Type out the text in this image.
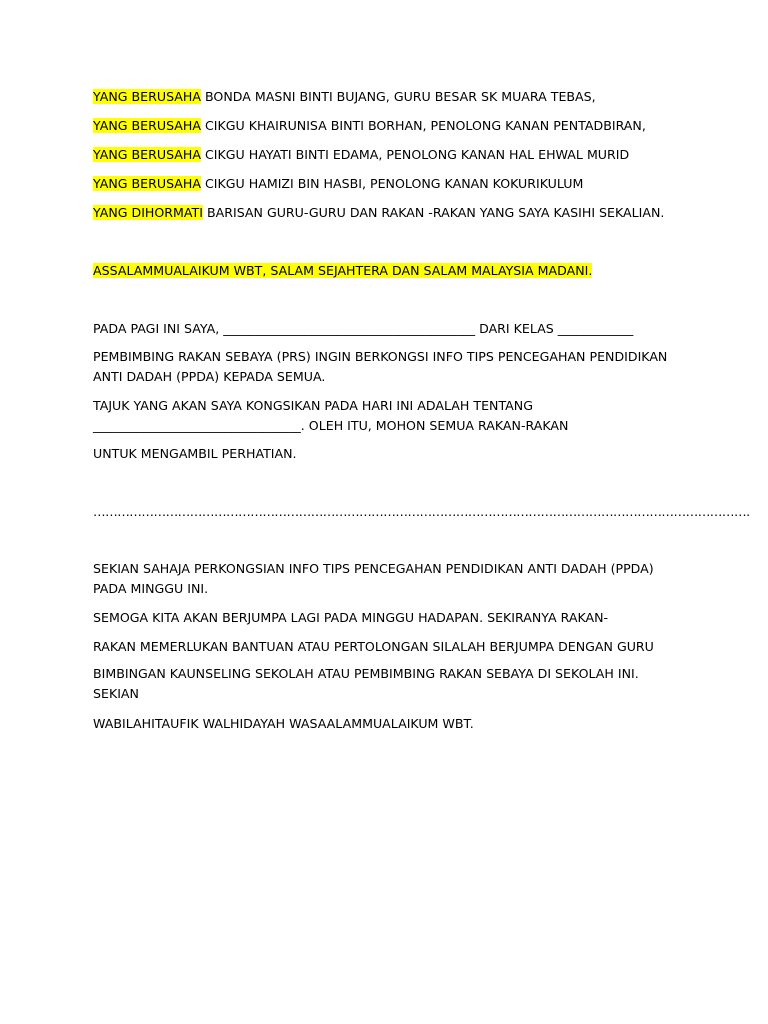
YANG BERUSAHA BONDA MASNI BINTI BUJANG, GURU BESAR SK MUARA TEBAS,
YANG BERUSAHA CIKGU KHAIRUNISA BINTI BORHAN, PENOLONG KANAN PENTADBIRAN,
YANG BERUSAHA CIKGU HAYATI BINTI EDAMA, PENOLONG KANAN HAL EHWAL MURID
YANG BERUSAHA CIKGU HAMIZI BIN HASBI, PENOLONG KANAN KOKURIKULUM
YANG DIHORMATI BARISAN GURU-GURU DAN RAKAN -RAKAN YANG SAYA KASIHI SEKALIAN.
ASSALAMMUALAIKUM WBT, SALAM SEJAHTERA DAN SALAM MALAYSIA MADANI.
PADA PAGI INI SAYA, ________________________________________ DARI KELAS ____________
PEMBIMBING RAKAN SEBAYA (PRS) INGIN BERKONGSI INFO TIPS PENCEGAHAN PENDIDIKAN ANTI DADAH (PPDA) KEPADA SEMUA.
TAJUK YANG AKAN SAYA KONGSIKAN PADA HARI INI ADALAH TENTANG _________________________________. OLEH ITU, MOHON SEMUA RAKAN-RAKAN
UNTUK MENGAMBIL PERHATIAN.
……………………………………………………………………………………………………………………………………………….
SEKIAN SAHAJA PERKONGSIAN INFO TIPS PENCEGAHAN PENDIDIKAN ANTI DADAH (PPDA) PADA MINGGU INI.
SEMOGA KITA AKAN BERJUMPA LAGI PADA MINGGU HADAPAN. SEKIRANYA RAKAN-
RAKAN MEMERLUKAN BANTUAN ATAU PERTOLONGAN SILALAH BERJUMPA DENGAN GURU
BIMBINGAN KAUNSELING SEKOLAH ATAU PEMBIMBING RAKAN SEBAYA DI SEKOLAH INI. SEKIAN
WABILAHITAUFIK WALHIDAYAH WASAALAMMUALAIKUM WBT.
